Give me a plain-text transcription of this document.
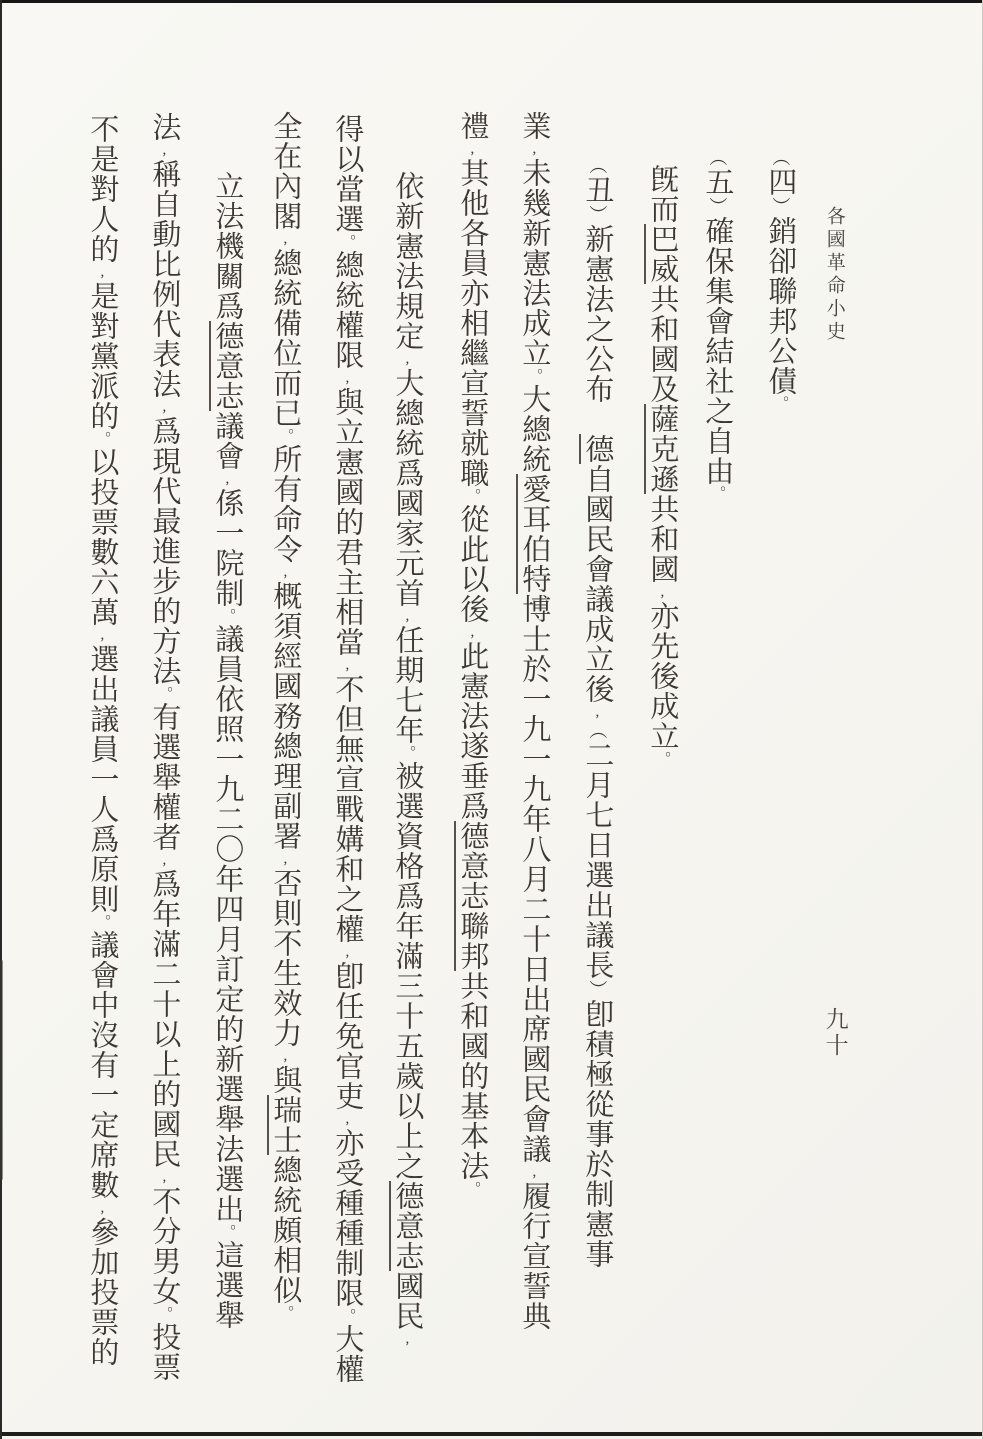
各國革命小史
九十
︵四︶銷卻聯邦公債。
︵五︶確保集會結社之自由。
旣而巴威共和國及薩克遜共和國,亦先後成立。
︵丑︶新憲法之公布　德自國民會議成立後,︵二月七日選出議長︶卽積極從事於制憲事
業,未幾新憲法成立。大總統愛耳伯特博士於一九一九年八月二十日出席國民會議,履行宣誓典
禮,其他各員亦相繼宣誓就職。從此以後,此憲法遂垂爲德意志聯邦共和國的基本法。
依新憲法規定,大總統爲國家元首,任期七年。被選資格爲年滿三十五歲以上之德意志國民,
得以當選。總統權限,與立憲國的君主相當,不但無宣戰媾和之權,卽任免官吏,亦受種種制限。大權
全在內閣,總統備位而已。所有命令,概須經國務總理副署,否則不生效力,與瑞士總統頗相似。
立法機關爲德意志議會,係一院制。議員依照一九二〇年四月訂定的新選舉法選出。這選舉
法,稱自動比例代表法,爲現代最進步的方法。有選舉權者,爲年滿二十以上的國民,不分男女。投票
不是對人的,是對黨派的。以投票數六萬,選出議員一人爲原則。議會中沒有一定席數,參加投票的
